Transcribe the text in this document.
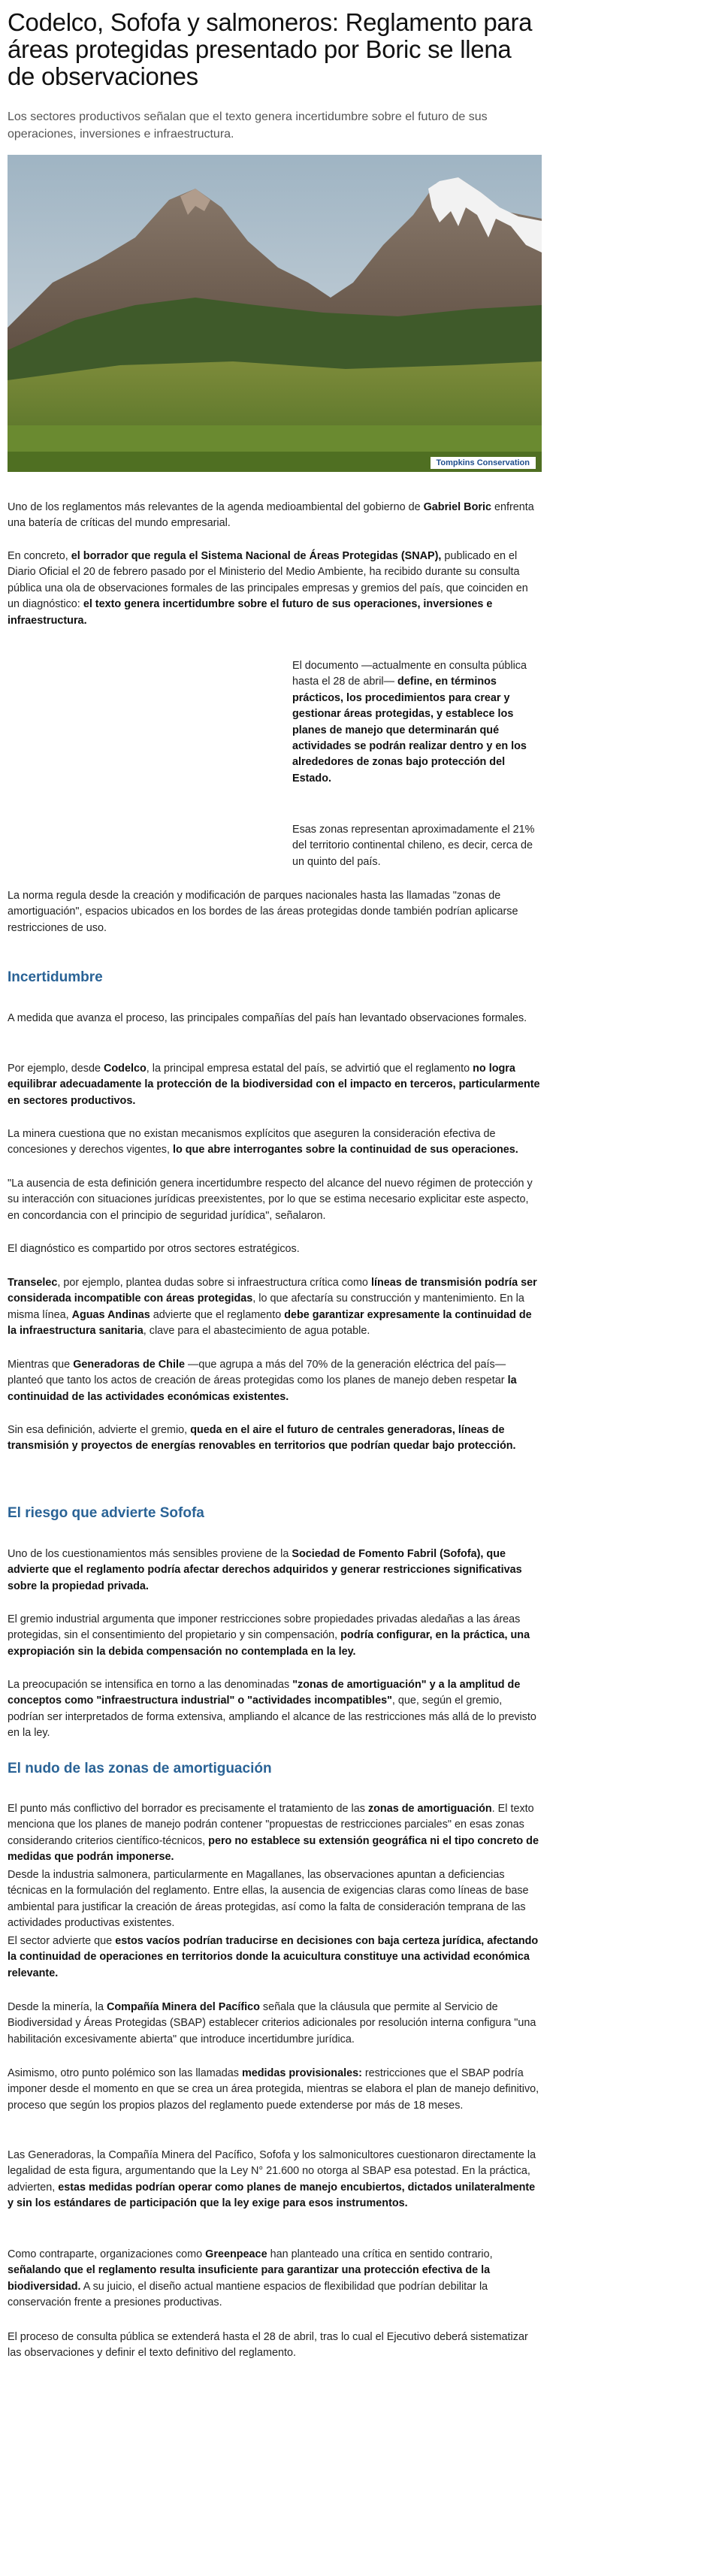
Codelco, Sofofa y salmoneros: Reglamento para áreas protegidas presentado por Boric se llena de observaciones

Los sectores productivos señalan que el texto genera incertidumbre sobre el futuro de sus operaciones, inversiones e infraestructura.

Tompkins Conservation

Uno de los reglamentos más relevantes de la agenda medioambiental del gobierno de Gabriel Boric enfrenta una batería de críticas del mundo empresarial.

En concreto, el borrador que regula el Sistema Nacional de Áreas Protegidas (SNAP), publicado en el Diario Oficial el 20 de febrero pasado por el Ministerio del Medio Ambiente, ha recibido durante su consulta pública una ola de observaciones formales de las principales empresas y gremios del país, que coinciden en un diagnóstico: el texto genera incertidumbre sobre el futuro de sus operaciones, inversiones e infraestructura.

El documento —actualmente en consulta pública hasta el 28 de abril— define, en términos prácticos, los procedimientos para crear y gestionar áreas protegidas, y establece los planes de manejo que determinarán qué actividades se podrán realizar dentro y en los alrededores de zonas bajo protección del Estado.

Esas zonas representan aproximadamente el 21% del territorio continental chileno, es decir, cerca de un quinto del país.

La norma regula desde la creación y modificación de parques nacionales hasta las llamadas "zonas de amortiguación", espacios ubicados en los bordes de las áreas protegidas donde también podrían aplicarse restricciones de uso.

Incertidumbre

A medida que avanza el proceso, las principales compañías del país han levantado observaciones formales.

Por ejemplo, desde Codelco, la principal empresa estatal del país, se advirtió que el reglamento no logra equilibrar adecuadamente la protección de la biodiversidad con el impacto en terceros, particularmente en sectores productivos.

La minera cuestiona que no existan mecanismos explícitos que aseguren la consideración efectiva de concesiones y derechos vigentes, lo que abre interrogantes sobre la continuidad de sus operaciones.

"La ausencia de esta definición genera incertidumbre respecto del alcance del nuevo régimen de protección y su interacción con situaciones jurídicas preexistentes, por lo que se estima necesario explicitar este aspecto, en concordancia con el principio de seguridad jurídica", señalaron.

El diagnóstico es compartido por otros sectores estratégicos.

Transelec, por ejemplo, plantea dudas sobre si infraestructura crítica como líneas de transmisión podría ser considerada incompatible con áreas protegidas, lo que afectaría su construcción y mantenimiento. En la misma línea, Aguas Andinas advierte que el reglamento debe garantizar expresamente la continuidad de la infraestructura sanitaria, clave para el abastecimiento de agua potable.

Mientras que Generadoras de Chile —que agrupa a más del 70% de la generación eléctrica del país— planteó que tanto los actos de creación de áreas protegidas como los planes de manejo deben respetar la continuidad de las actividades económicas existentes.

Sin esa definición, advierte el gremio, queda en el aire el futuro de centrales generadoras, líneas de transmisión y proyectos de energías renovables en territorios que podrían quedar bajo protección.

El riesgo que advierte Sofofa

Uno de los cuestionamientos más sensibles proviene de la Sociedad de Fomento Fabril (Sofofa), que advierte que el reglamento podría afectar derechos adquiridos y generar restricciones significativas sobre la propiedad privada.

El gremio industrial argumenta que imponer restricciones sobre propiedades privadas aledañas a las áreas protegidas, sin el consentimiento del propietario y sin compensación, podría configurar, en la práctica, una expropiación sin la debida compensación no contemplada en la ley.

La preocupación se intensifica en torno a las denominadas "zonas de amortiguación" y a la amplitud de conceptos como "infraestructura industrial" o "actividades incompatibles", que, según el gremio, podrían ser interpretados de forma extensiva, ampliando el alcance de las restricciones más allá de lo previsto en la ley.

El nudo de las zonas de amortiguación

El punto más conflictivo del borrador es precisamente el tratamiento de las zonas de amortiguación. El texto menciona que los planes de manejo podrán contener "propuestas de restricciones parciales" en esas zonas considerando criterios científico-técnicos, pero no establece su extensión geográfica ni el tipo concreto de medidas que podrán imponerse.

Desde la industria salmonera, particularmente en Magallanes, las observaciones apuntan a deficiencias técnicas en la formulación del reglamento. Entre ellas, la ausencia de exigencias claras como líneas de base ambiental para justificar la creación de áreas protegidas, así como la falta de consideración temprana de las actividades productivas existentes.

El sector advierte que estos vacíos podrían traducirse en decisiones con baja certeza jurídica, afectando la continuidad de operaciones en territorios donde la acuicultura constituye una actividad económica relevante.

Desde la minería, la Compañía Minera del Pacífico señala que la cláusula que permite al Servicio de Biodiversidad y Áreas Protegidas (SBAP) establecer criterios adicionales por resolución interna configura "una habilitación excesivamente abierta" que introduce incertidumbre jurídica.

Asimismo, otro punto polémico son las llamadas medidas provisionales: restricciones que el SBAP podría imponer desde el momento en que se crea un área protegida, mientras se elabora el plan de manejo definitivo, proceso que según los propios plazos del reglamento puede extenderse por más de 18 meses.

Las Generadoras, la Compañía Minera del Pacífico, Sofofa y los salmonicultores cuestionaron directamente la legalidad de esta figura, argumentando que la Ley N° 21.600 no otorga al SBAP esa potestad. En la práctica, advierten, estas medidas podrían operar como planes de manejo encubiertos, dictados unilateralmente y sin los estándares de participación que la ley exige para esos instrumentos.

Como contraparte, organizaciones como Greenpeace han planteado una crítica en sentido contrario, señalando que el reglamento resulta insuficiente para garantizar una protección efectiva de la biodiversidad. A su juicio, el diseño actual mantiene espacios de flexibilidad que podrían debilitar la conservación frente a presiones productivas.

El proceso de consulta pública se extenderá hasta el 28 de abril, tras lo cual el Ejecutivo deberá sistematizar las observaciones y definir el texto definitivo del reglamento.
